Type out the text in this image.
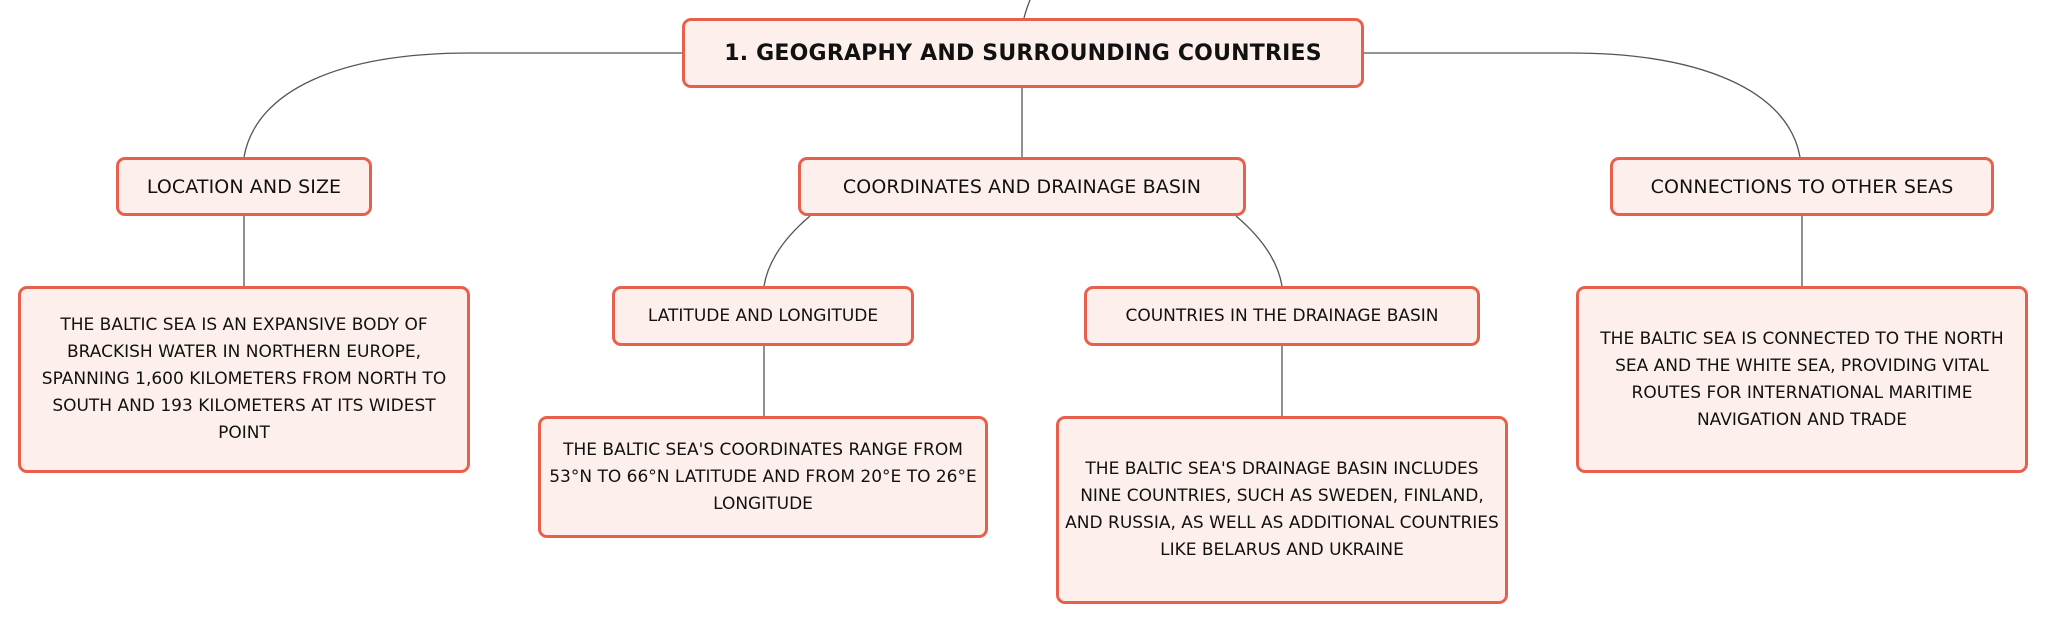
1. GEOGRAPHY AND SURROUNDING COUNTRIES
LOCATION AND SIZE	COORDINATES AND DRAINAGE BASIN	CONNECTIONS TO OTHER SEAS
THE BALTIC SEA IS AN EXPANSIVE BODY OF BRACKISH WATER IN NORTHERN EUROPE, SPANNING 1,600 KILOMETERS FROM NORTH TO SOUTH AND 193 KILOMETERS AT ITS WIDEST POINT
LATITUDE AND LONGITUDE	COUNTRIES IN THE DRAINAGE BASIN
THE BALTIC SEA IS CONNECTED TO THE NORTH SEA AND THE WHITE SEA, PROVIDING VITAL ROUTES FOR INTERNATIONAL MARITIME NAVIGATION AND TRADE
THE BALTIC SEA'S COORDINATES RANGE FROM 53°N TO 66°N LATITUDE AND FROM 20°E TO 26°E LONGITUDE
THE BALTIC SEA'S DRAINAGE BASIN INCLUDES NINE COUNTRIES, SUCH AS SWEDEN, FINLAND, AND RUSSIA, AS WELL AS ADDITIONAL COUNTRIES LIKE BELARUS AND UKRAINE
